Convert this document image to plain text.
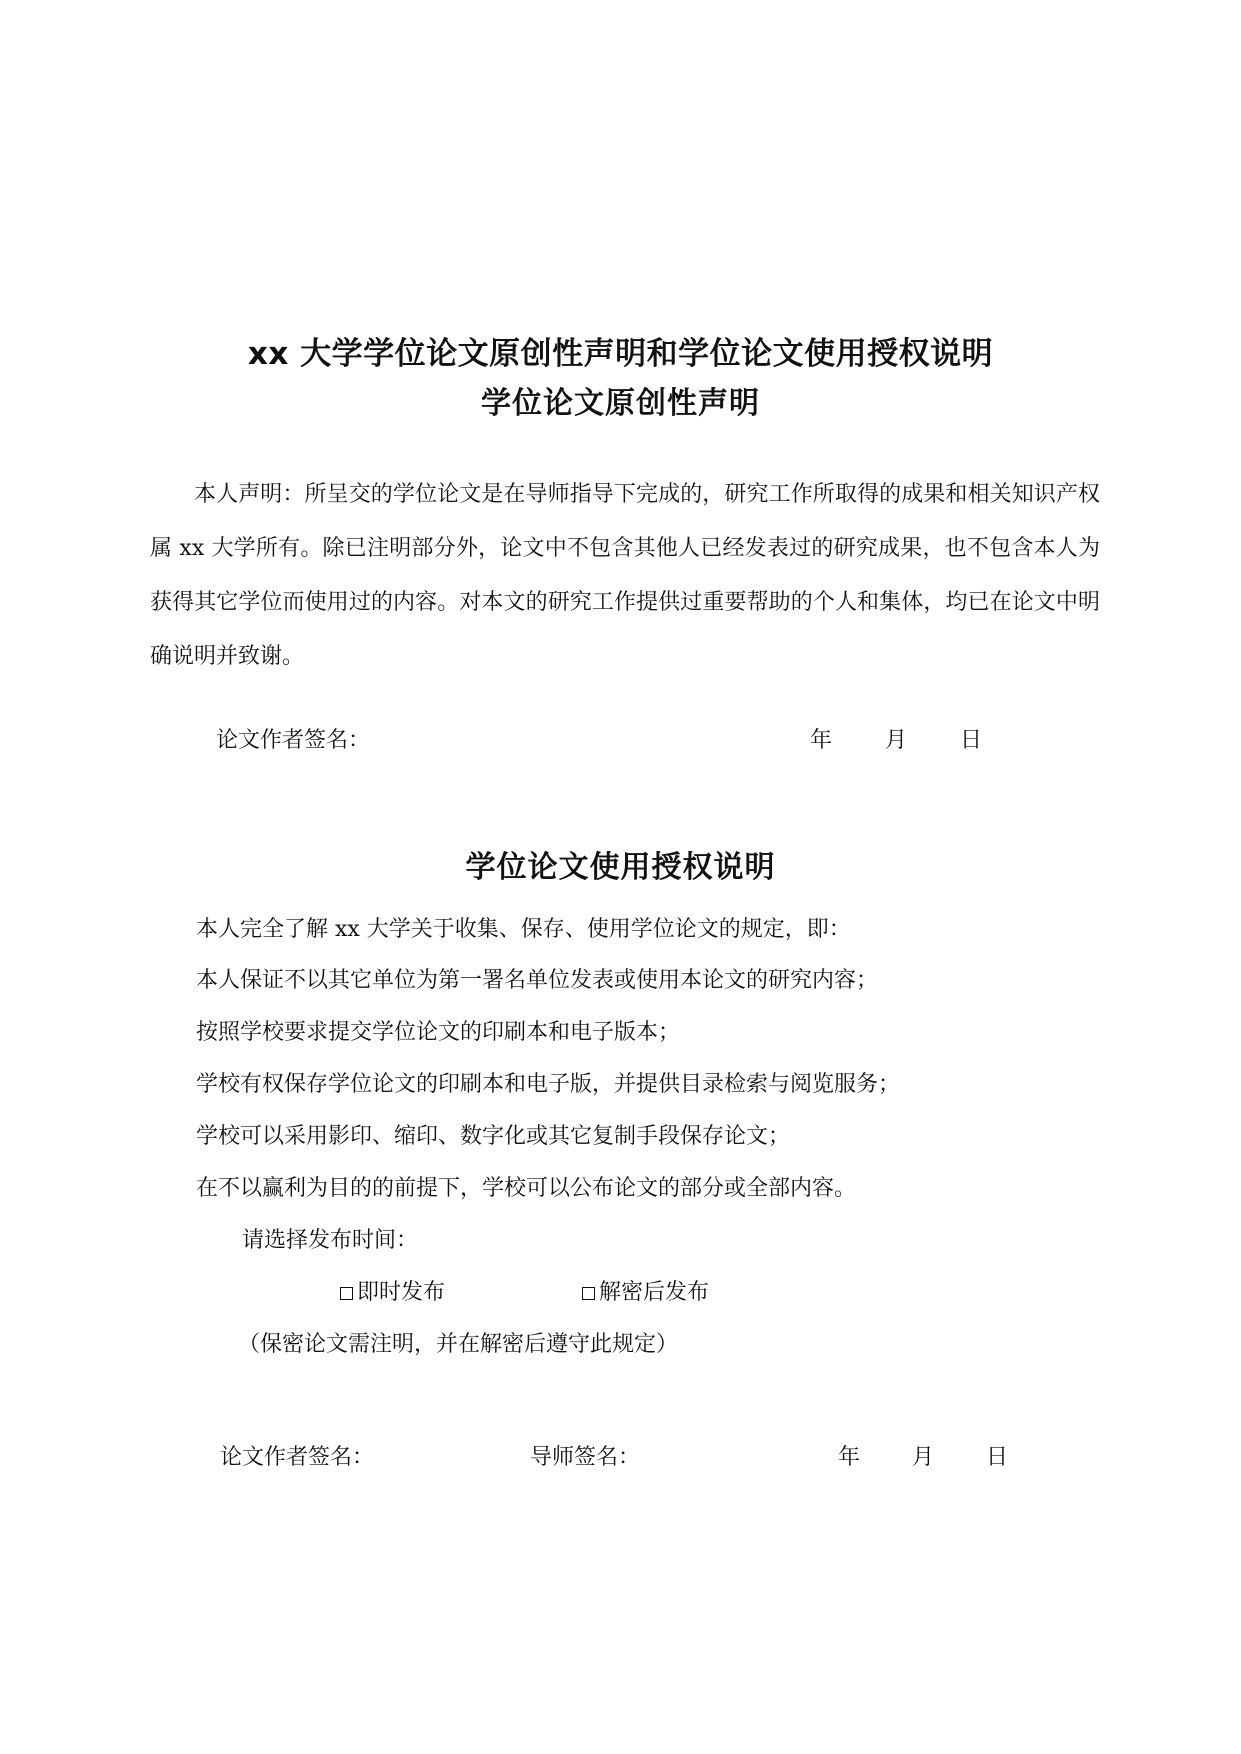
xx 大学学位论文原创性声明和学位论文使用授权说明
学位论文原创性声明
本人声明：所呈交的学位论文是在导师指导下完成的，研究工作所取得的成果和相关知识产权属 xx 大学所有。除已注明部分外，论文中不包含其他人已经发表过的研究成果，也不包含本人为获得其它学位而使用过的内容。对本文的研究工作提供过重要帮助的个人和集体，均已在论文中明确说明并致谢。
论文作者签名：	年 月 日
学位论文使用授权说明
本人完全了解 xx 大学关于收集、保存、使用学位论文的规定，即：
本人保证不以其它单位为第一署名单位发表或使用本论文的研究内容；
按照学校要求提交学位论文的印刷本和电子版本；
学校有权保存学位论文的印刷本和电子版，并提供目录检索与阅览服务；
学校可以采用影印、缩印、数字化或其它复制手段保存论文；
在不以赢利为目的的前提下，学校可以公布论文的部分或全部内容。
请选择发布时间：
即时发布	解密后发布
（保密论文需注明，并在解密后遵守此规定）
论文作者签名：	导师签名：	年 月 日
